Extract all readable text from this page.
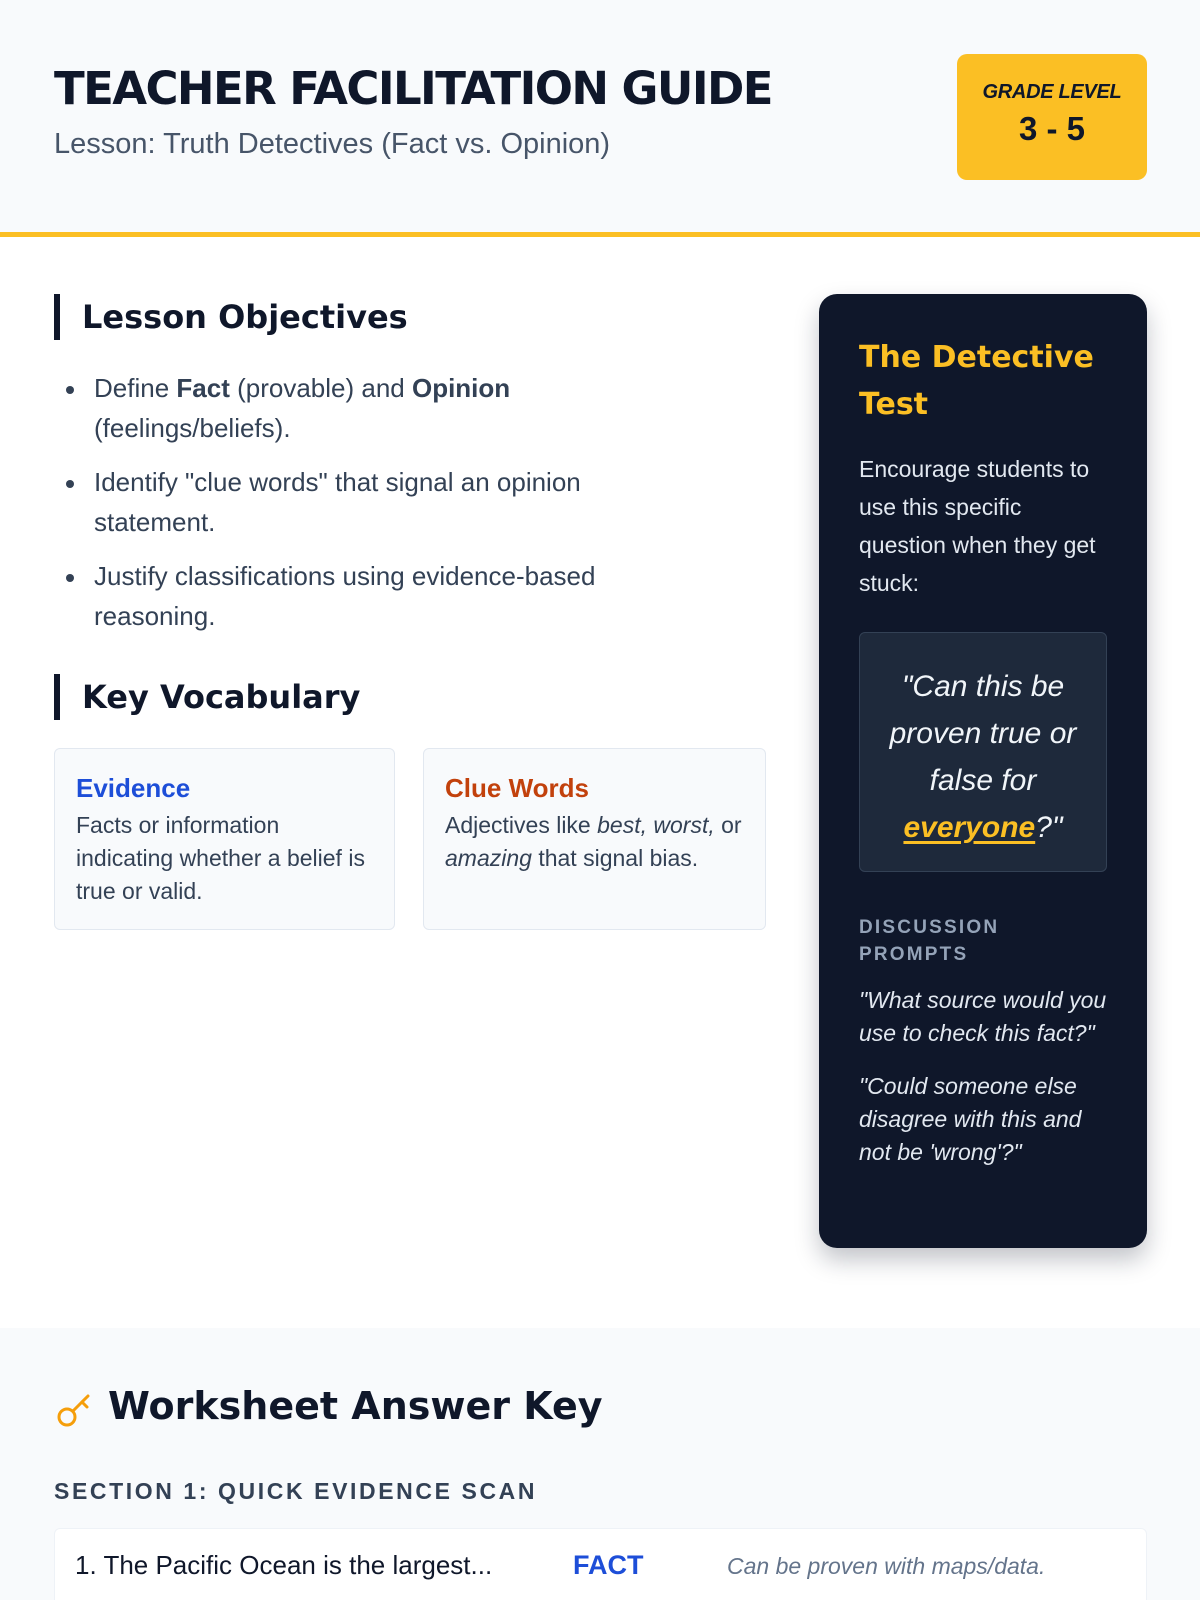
TEACHER FACILITATION GUIDE

Lesson: Truth Detectives (Fact vs. Opinion)

GRADE LEVEL
3 - 5
Lesson Objectives
Define Fact (provable) and Opinion (feelings/beliefs).
Identify "clue words" that signal an opinion statement.
Justify classifications using evidence-based reasoning.
Key Vocabulary
Evidence
Facts or information indicating whether a belief is true or valid.
Clue Words
Adjectives like best, worst, or amazing that signal bias.
The Detective Test

Encourage students to use this specific question when they get stuck:

"Can this be proven true or false for everyone?"

DISCUSSION PROMPTS

"What source would you use to check this fact?"

"Could someone else disagree with this and not be 'wrong'?"

Worksheet Answer Key

SECTION 1: QUICK EVIDENCE SCAN

1. The Pacific Ocean is the largest...	FACT	Can be proven with maps/data.
